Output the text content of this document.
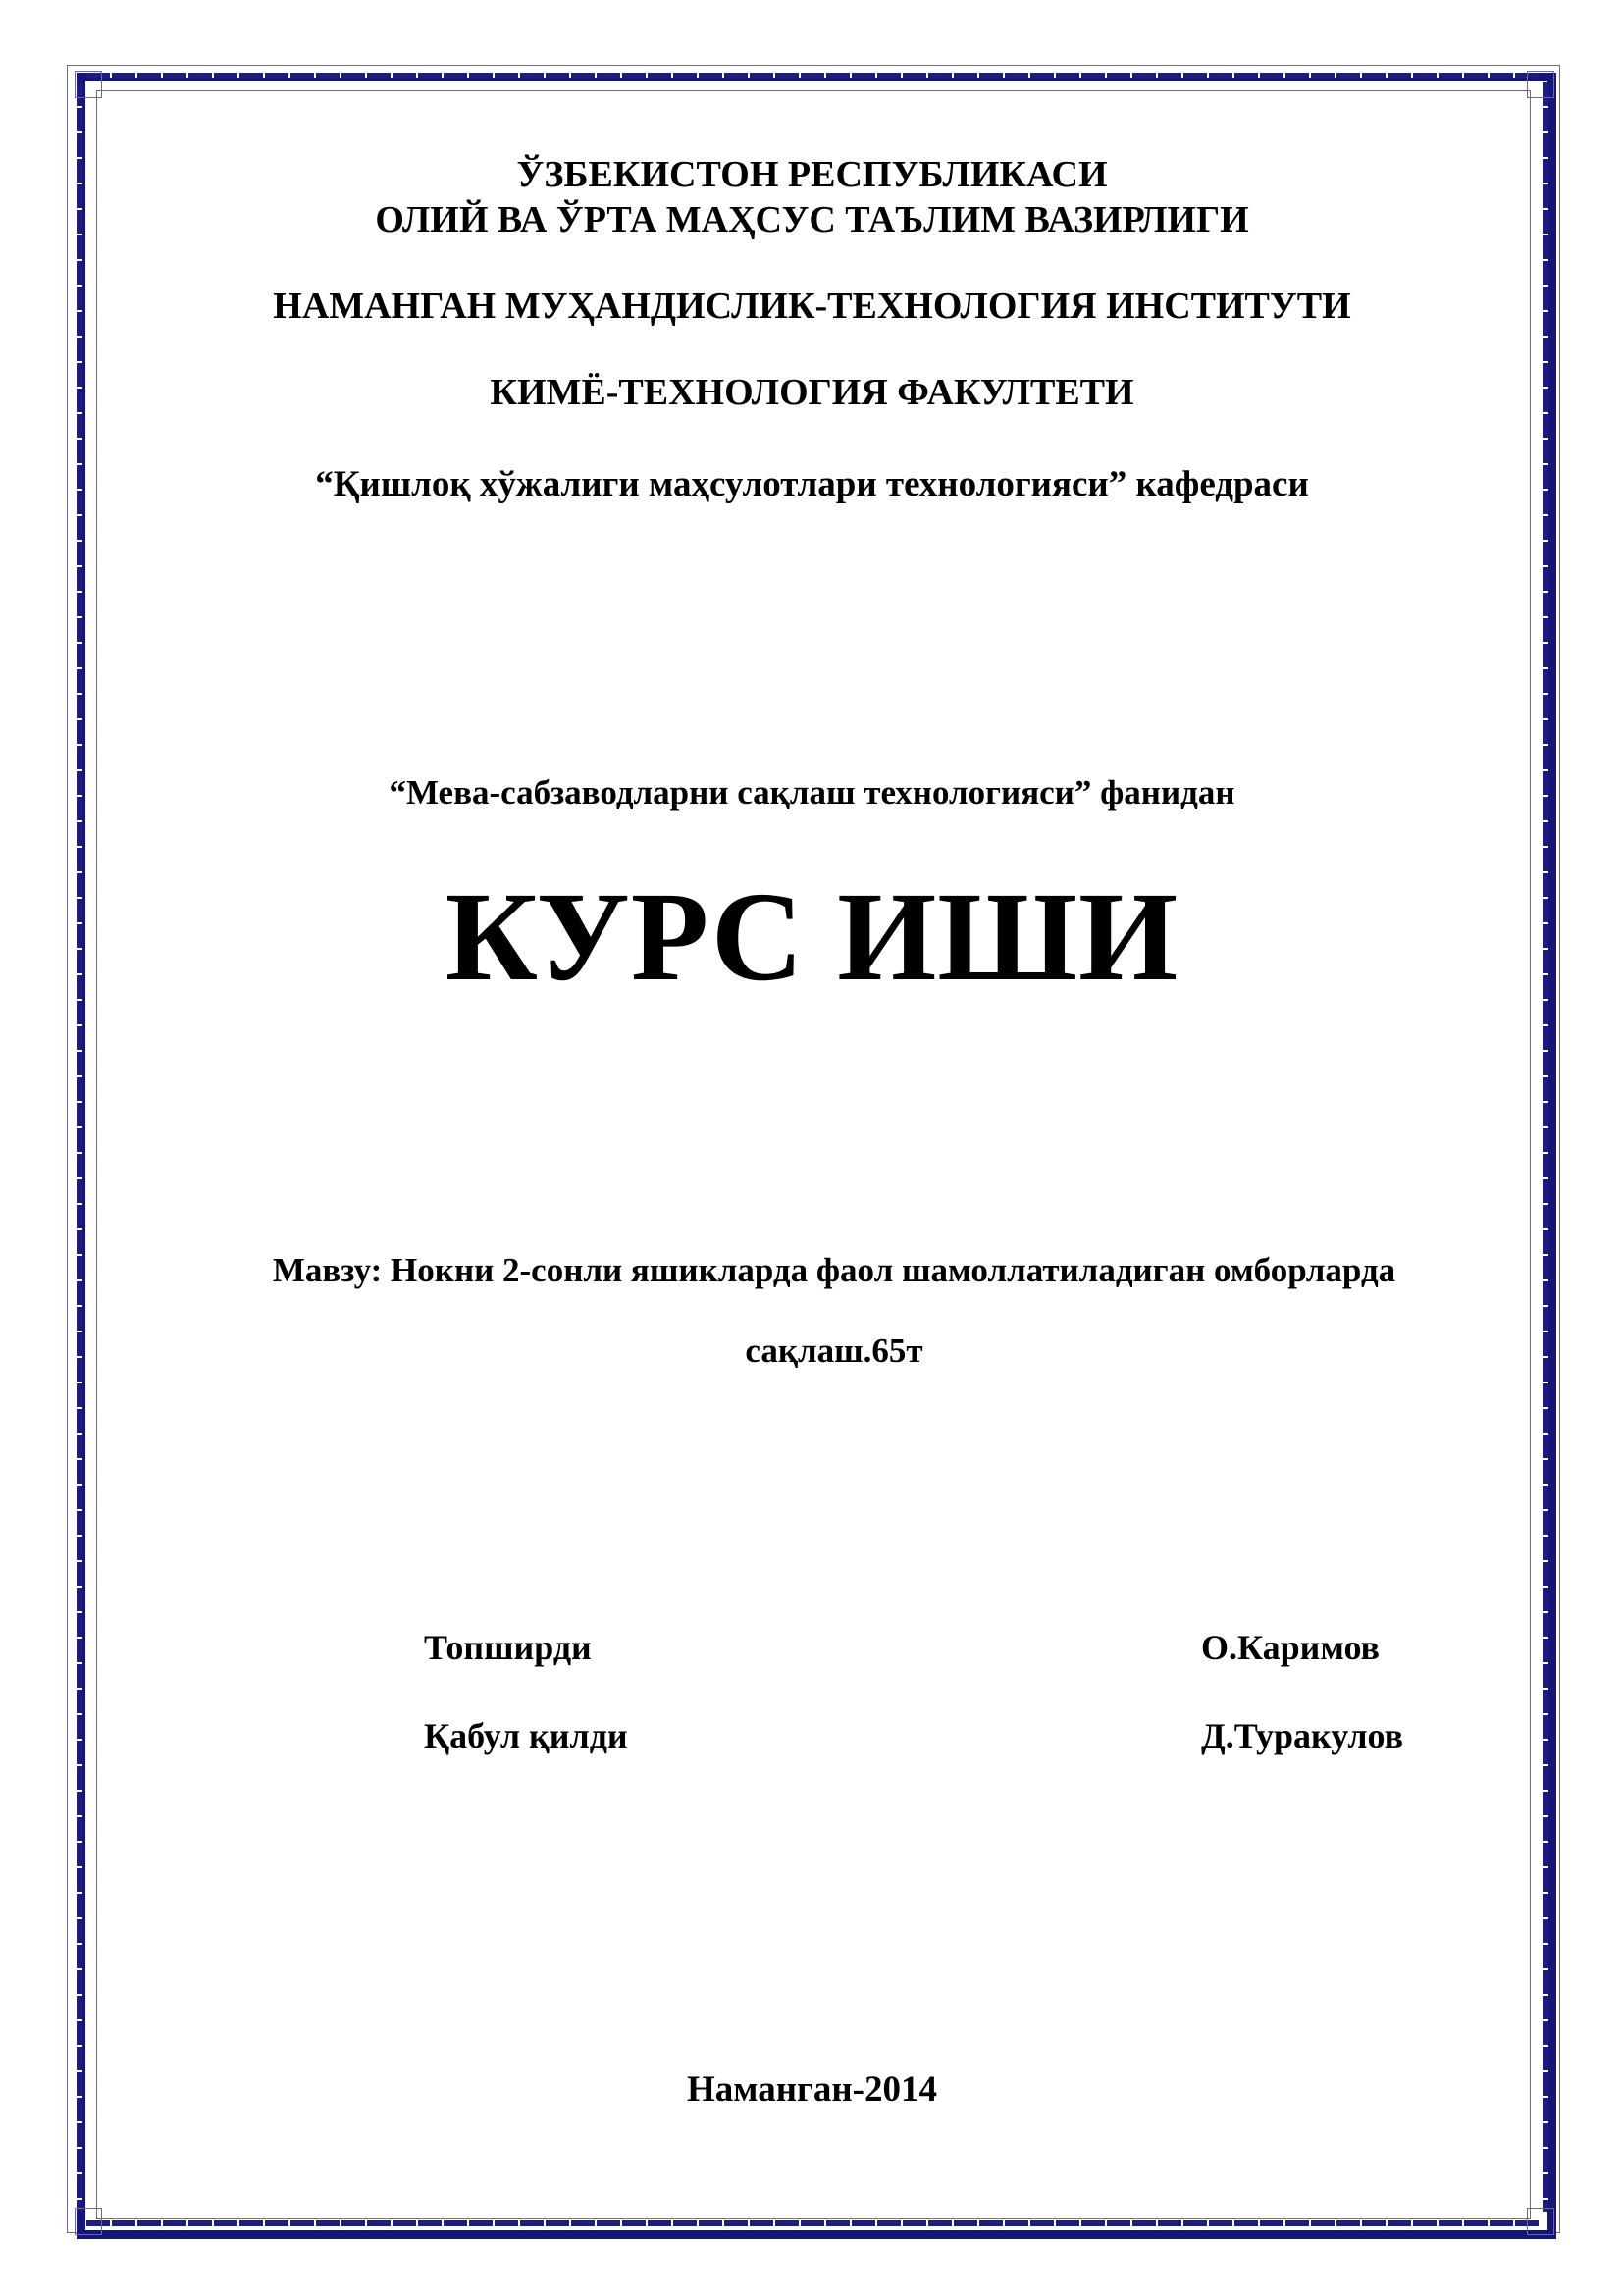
ЎЗБЕКИСТОН РЕСПУБЛИКАСИ
ОЛИЙ ВА ЎРТА МАҲСУС ТАЪЛИМ ВАЗИРЛИГИ
НАМАНГАН МУҲАНДИСЛИК-ТЕХНОЛОГИЯ ИНСТИТУТИ
КИМЁ-ТЕХНОЛОГИЯ ФАКУЛТЕТИ
“Қишлоқ хўжалиги маҳсулотлари технологияси” кафедраси
“Мева-сабзаводларни сақлаш технологияси” фанидан
КУРС ИШИ
Мавзу: Нокни 2-сонли яшикларда фаол шамоллатиладиган омборларда сақлаш.65т
Топширди	О.Каримов
Қабул қилди	Д.Туракулов
Наманган-2014
